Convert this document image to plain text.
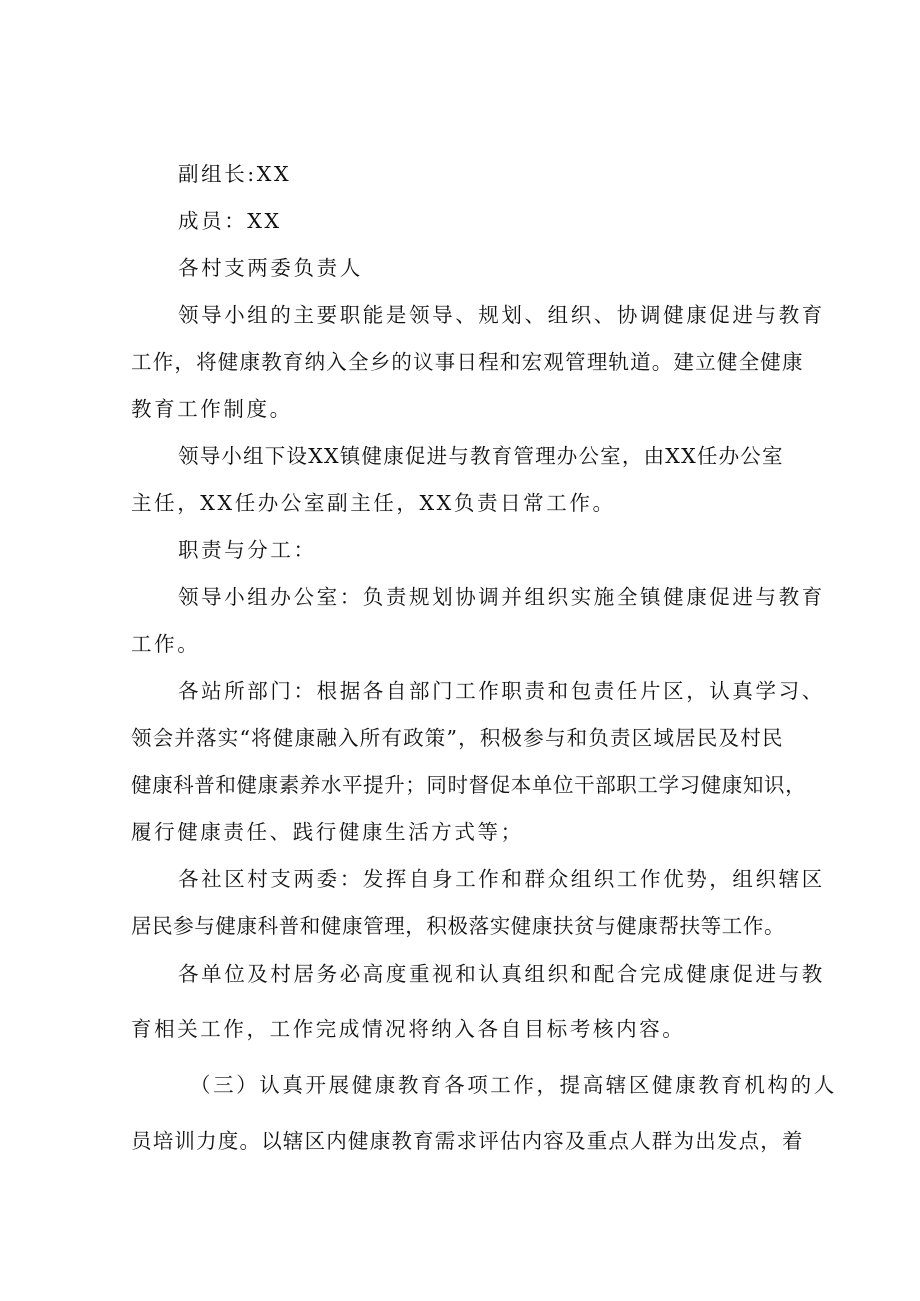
副组长:XX
成员：XX
各村支两委负责人
领导小组的主要职能是领导、规划、组织、协调健康促进与教育
工作，将健康教育纳入全乡的议事日程和宏观管理轨道。建立健全健康
教育工作制度。
领导小组下设XX镇健康促进与教育管理办公室，由XX任办公室
主任，XX任办公室副主任，XX负责日常工作。
职责与分工：
领导小组办公室：负责规划协调并组织实施全镇健康促进与教育
工作。
各站所部门：根据各自部门工作职责和包责任片区，认真学习、
领会并落实“将健康融入所有政策”，积极参与和负责区域居民及村民
健康科普和健康素养水平提升；同时督促本单位干部职工学习健康知识，
履行健康责任、践行健康生活方式等；
各社区村支两委：发挥自身工作和群众组织工作优势，组织辖区
居民参与健康科普和健康管理，积极落实健康扶贫与健康帮扶等工作。
各单位及村居务必高度重视和认真组织和配合完成健康促进与教
育相关工作，工作完成情况将纳入各自目标考核内容。
（三）认真开展健康教育各项工作，提高辖区健康教育机构的人
员培训力度。以辖区内健康教育需求评估内容及重点人群为出发点，着
